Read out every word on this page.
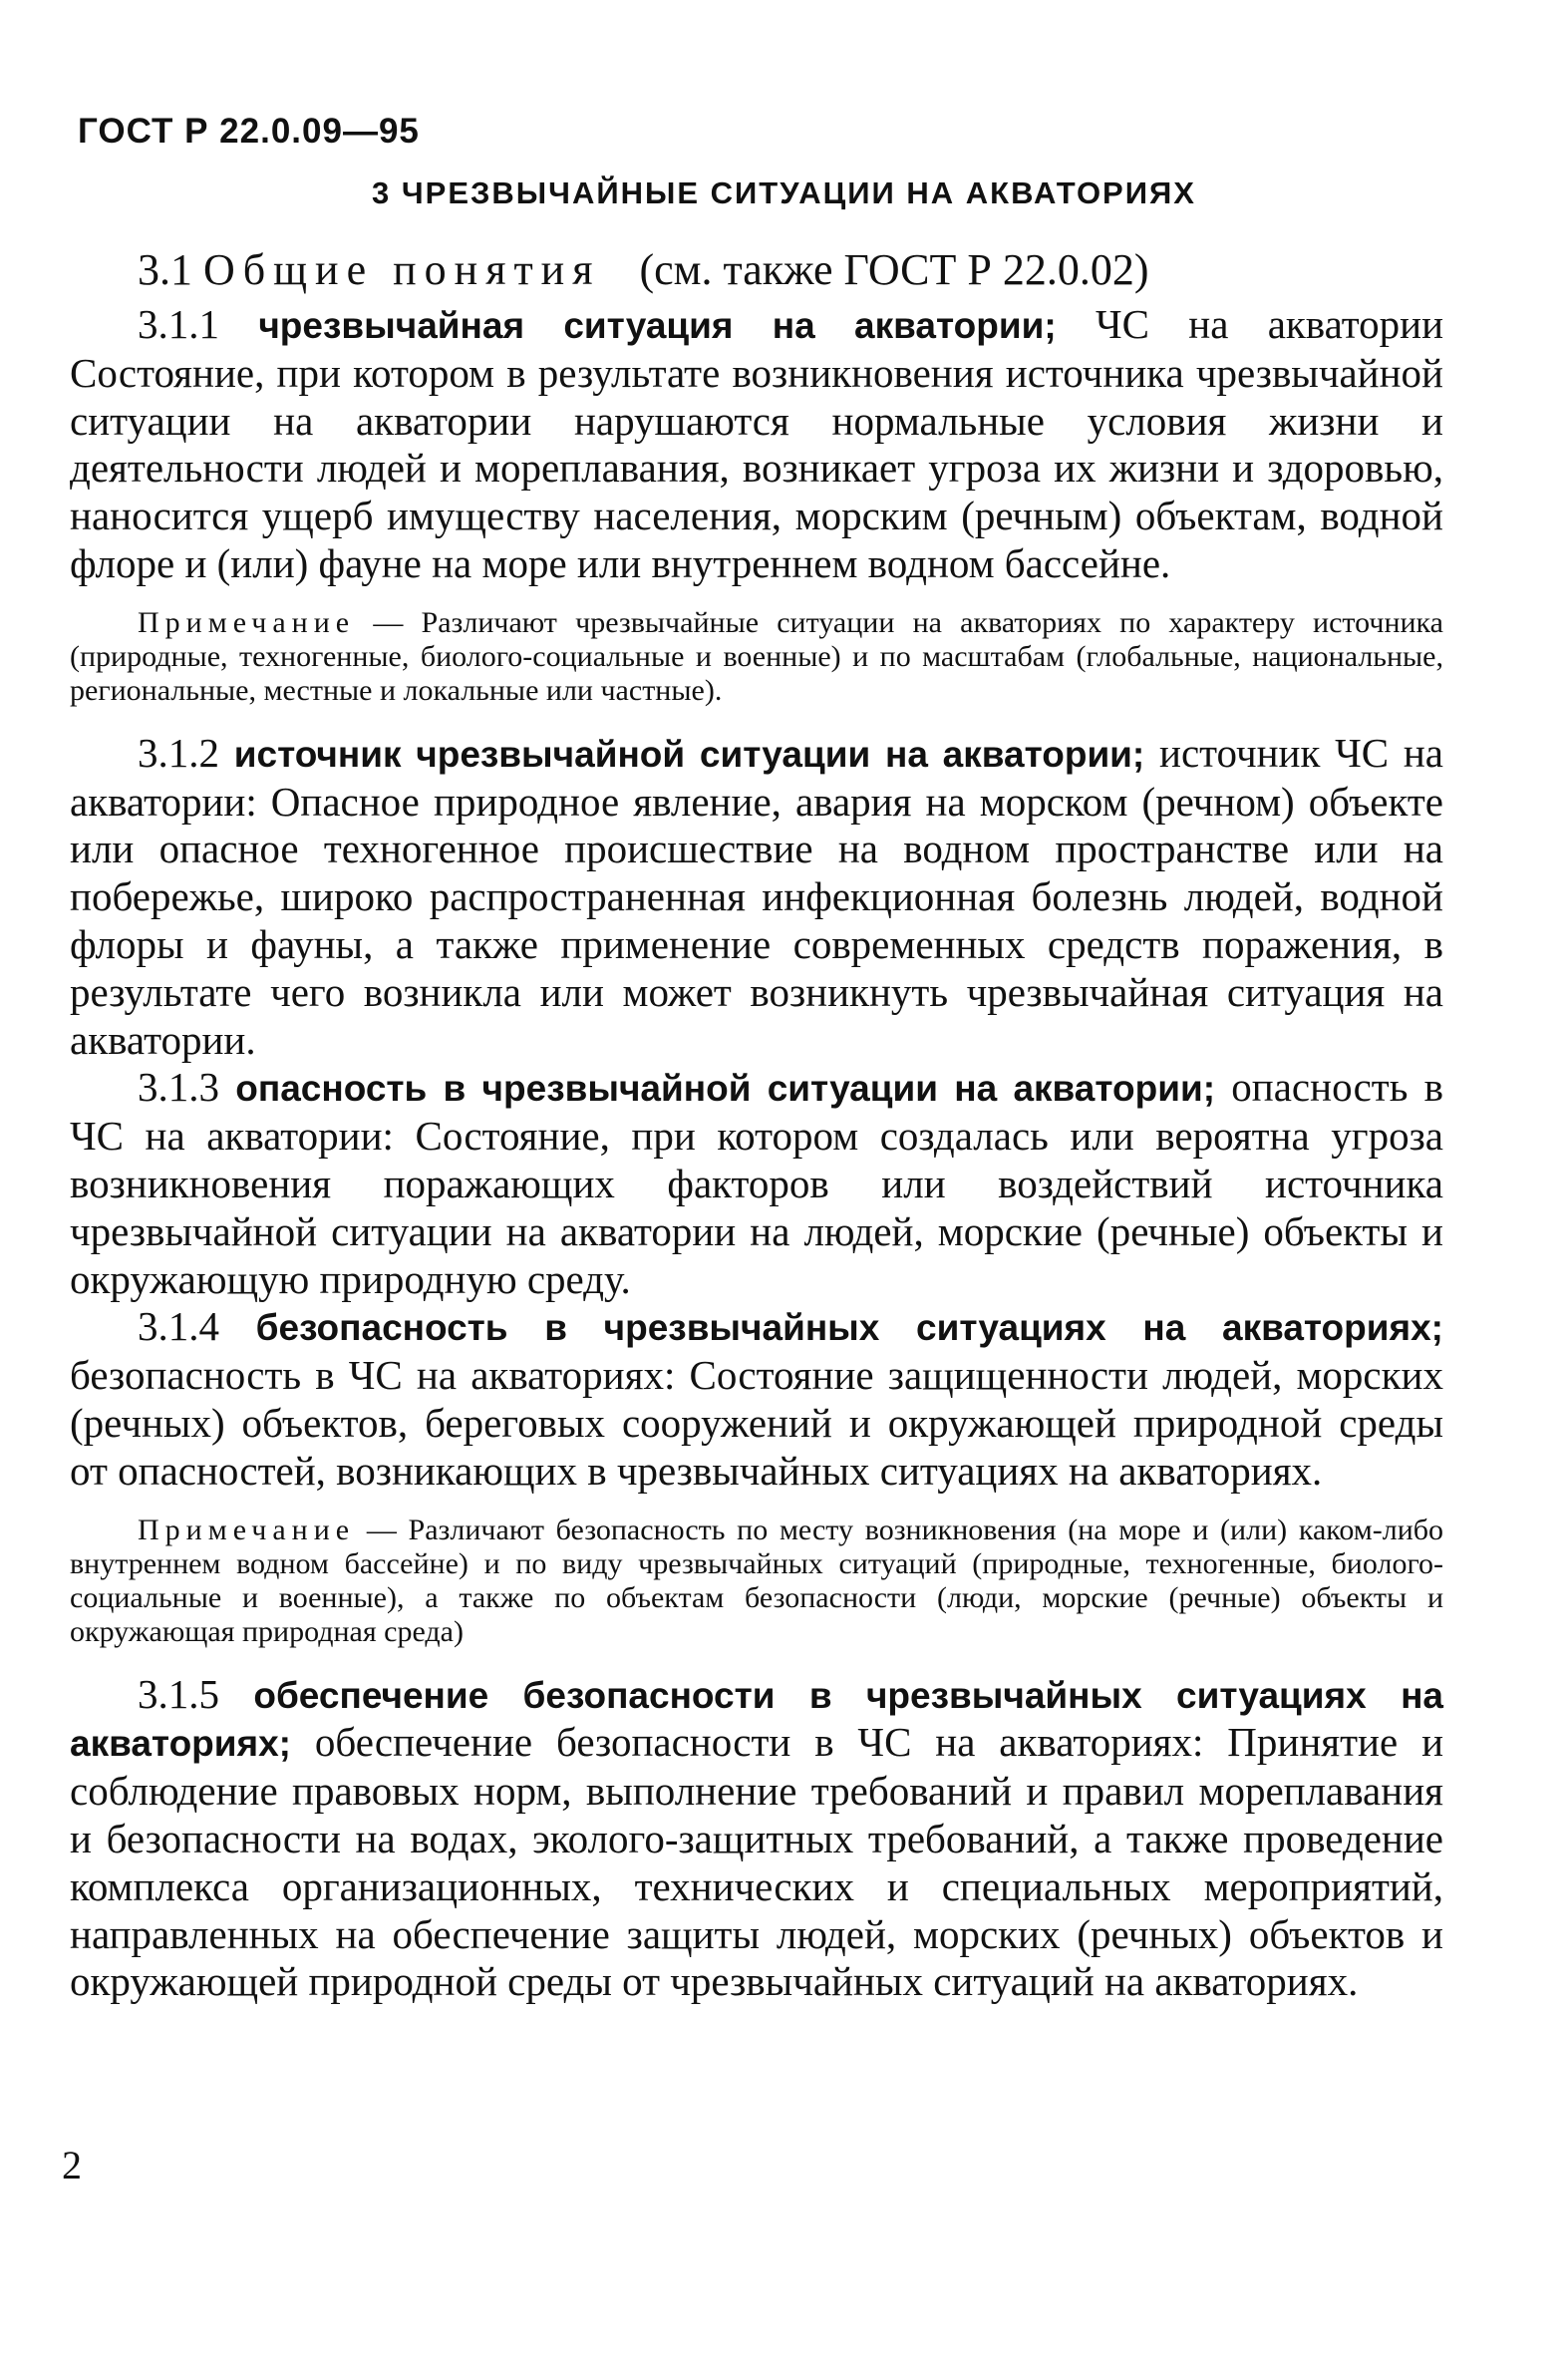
ГОСТ Р 22.0.09—95
3 ЧРЕЗВЫЧАЙНЫЕ СИТУАЦИИ НА АКВАТОРИЯХ
3.1 Общие понятия (см. также ГОСТ Р 22.0.02)

3.1.1 чрезвычайная ситуация на акватории; ЧС на акватории Состояние, при котором в результате возникновения источника чрезвычайной ситуации на акватории нарушаются нормальные условия жизни и деятельности людей и мореплавания, возникает угроза их жизни и здоровью, наносится ущерб имуществу населения, морским (речным) объектам, водной флоре и (или) фауне на море или внутреннем водном бассейне.

Примечание — Различают чрезвычайные ситуации на акваториях по характеру источника (природные, техногенные, биолого-социальные и военные) и по масштабам (глобальные, национальные, региональные, местные и локальные или частные).

3.1.2 источник чрезвычайной ситуации на акватории; источник ЧС на акватории: Опасное природное явление, авария на морском (речном) объекте или опасное техногенное происшествие на водном пространстве или на побережье, широко распространенная инфекционная болезнь людей, водной флоры и фауны, а также применение современных средств поражения, в результате чего возникла или может возникнуть чрезвычайная ситуация на акватории.

3.1.3 опасность в чрезвычайной ситуации на акватории; опасность в ЧС на акватории: Состояние, при котором создалась или вероятна угроза возникновения поражающих факторов или воздействий источника чрезвычайной ситуации на акватории на людей, морские (речные) объекты и окружающую природную среду.

3.1.4 безопасность в чрезвычайных ситуациях на акваториях; безопасность в ЧС на акваториях: Состояние защищенности людей, морских (речных) объектов, береговых сооружений и окружающей природной среды от опасностей, возникающих в чрезвычайных ситуациях на акваториях.

Примечание — Различают безопасность по месту возникновения (на море и (или) каком-либо внутреннем водном бассейне) и по виду чрезвычайных ситуаций (природные, техногенные, биолого-социальные и военные), а также по объектам безопасности (люди, морские (речные) объекты и окружающая природная среда)

3.1.5 обеспечение безопасности в чрезвычайных ситуациях на акваториях; обеспечение безопасности в ЧС на акваториях: Принятие и соблюдение правовых норм, выполнение требований и правил мореплавания и безопасности на водах, эколого-защитных требований, а также проведение комплекса организационных, технических и специальных мероприятий, направленных на обеспечение защиты людей, морских (речных) объектов и окружающей природной среды от чрезвычайных ситуаций на акваториях.

2
